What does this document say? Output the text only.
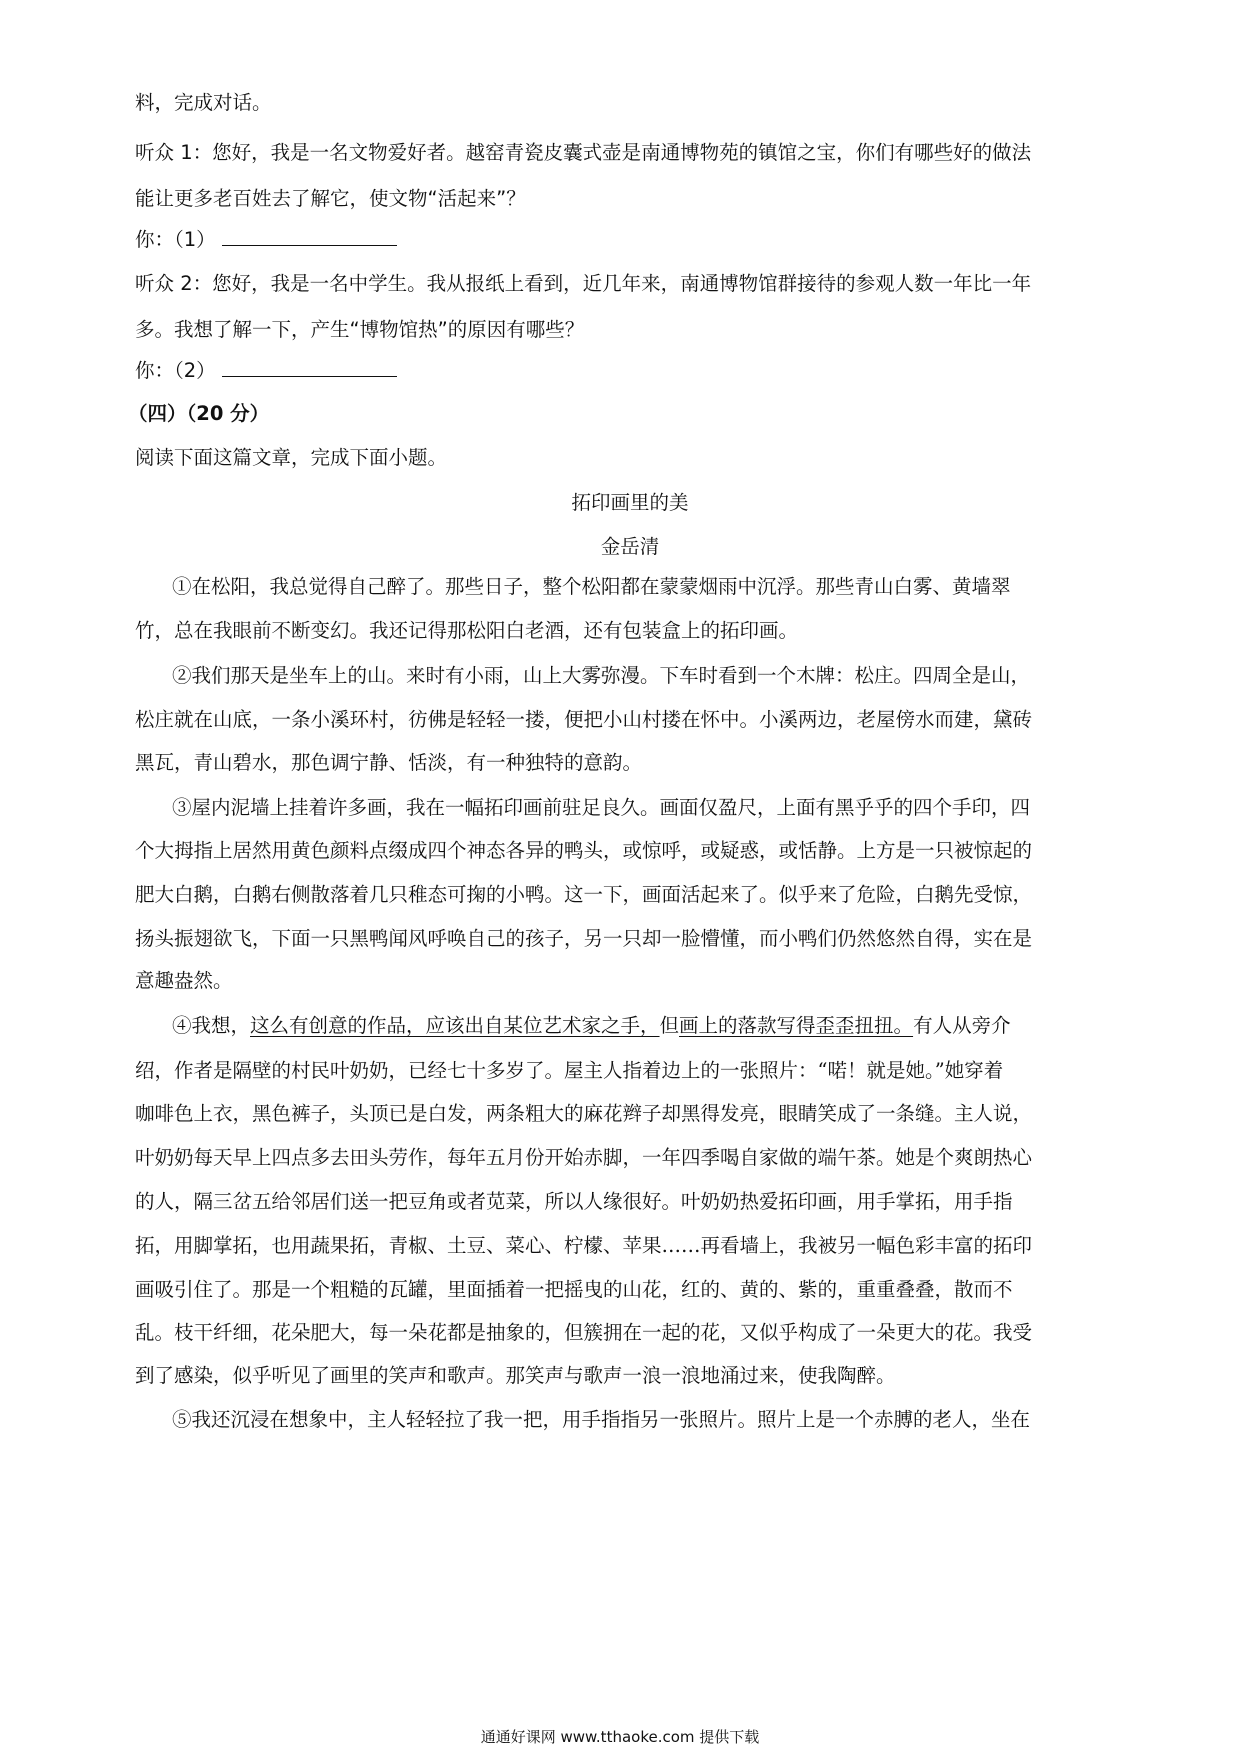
料，完成对话。
听众 1：您好，我是一名文物爱好者。越窑青瓷皮囊式壶是南通博物苑的镇馆之宝，你们有哪些好的做法
能让更多老百姓去了解它，使文物“活起来”？
你：（1）
听众 2：您好，我是一名中学生。我从报纸上看到，近几年来，南通博物馆群接待的参观人数一年比一年
多。我想了解一下，产生“博物馆热”的原因有哪些？
你：（2）
（四）（20 分）
阅读下面这篇文章，完成下面小题。
拓印画里的美
金岳清
①在松阳，我总觉得自己醉了。那些日子，整个松阳都在蒙蒙烟雨中沉浮。那些青山白雾、黄墙翠
竹，总在我眼前不断变幻。我还记得那松阳白老酒，还有包装盒上的拓印画。
②我们那天是坐车上的山。来时有小雨，山上大雾弥漫。下车时看到一个木牌：松庄。四周全是山，
松庄就在山底，一条小溪环村，彷佛是轻轻一搂，便把小山村搂在怀中。小溪两边，老屋傍水而建，黛砖
黑瓦，青山碧水，那色调宁静、恬淡，有一种独特的意韵。
③屋内泥墙上挂着许多画，我在一幅拓印画前驻足良久。画面仅盈尺，上面有黑乎乎的四个手印，四
个大拇指上居然用黄色颜料点缀成四个神态各异的鸭头，或惊呼，或疑惑，或恬静。上方是一只被惊起的
肥大白鹅，白鹅右侧散落着几只稚态可掬的小鸭。这一下，画面活起来了。似乎来了危险，白鹅先受惊，
扬头振翅欲飞，下面一只黑鸭闻风呼唤自己的孩子，另一只却一脸懵懂，而小鸭们仍然悠然自得，实在是
意趣盎然。
④我想，这么有创意的作品，应该出自某位艺术家之手，但画上的落款写得歪歪扭扭。有人从旁介
绍，作者是隔壁的村民叶奶奶，已经七十多岁了。屋主人指着边上的一张照片：“喏！就是她。”她穿着
咖啡色上衣，黑色裤子，头顶已是白发，两条粗大的麻花辫子却黑得发亮，眼睛笑成了一条缝。主人说，
叶奶奶每天早上四点多去田头劳作，每年五月份开始赤脚，一年四季喝自家做的端午茶。她是个爽朗热心
的人，隔三岔五给邻居们送一把豆角或者苋菜，所以人缘很好。叶奶奶热爱拓印画，用手掌拓，用手指
拓，用脚掌拓，也用蔬果拓，青椒、土豆、菜心、柠檬、苹果……再看墙上，我被另一幅色彩丰富的拓印
画吸引住了。那是一个粗糙的瓦罐，里面插着一把摇曳的山花，红的、黄的、紫的，重重叠叠，散而不
乱。枝干纤细，花朵肥大，每一朵花都是抽象的，但簇拥在一起的花，又似乎构成了一朵更大的花。我受
到了感染，似乎听见了画里的笑声和歌声。那笑声与歌声一浪一浪地涌过来，使我陶醉。
⑤我还沉浸在想象中，主人轻轻拉了我一把，用手指指另一张照片。照片上是一个赤膊的老人，坐在
通通好课网 www.tthaoke.com 提供下载
